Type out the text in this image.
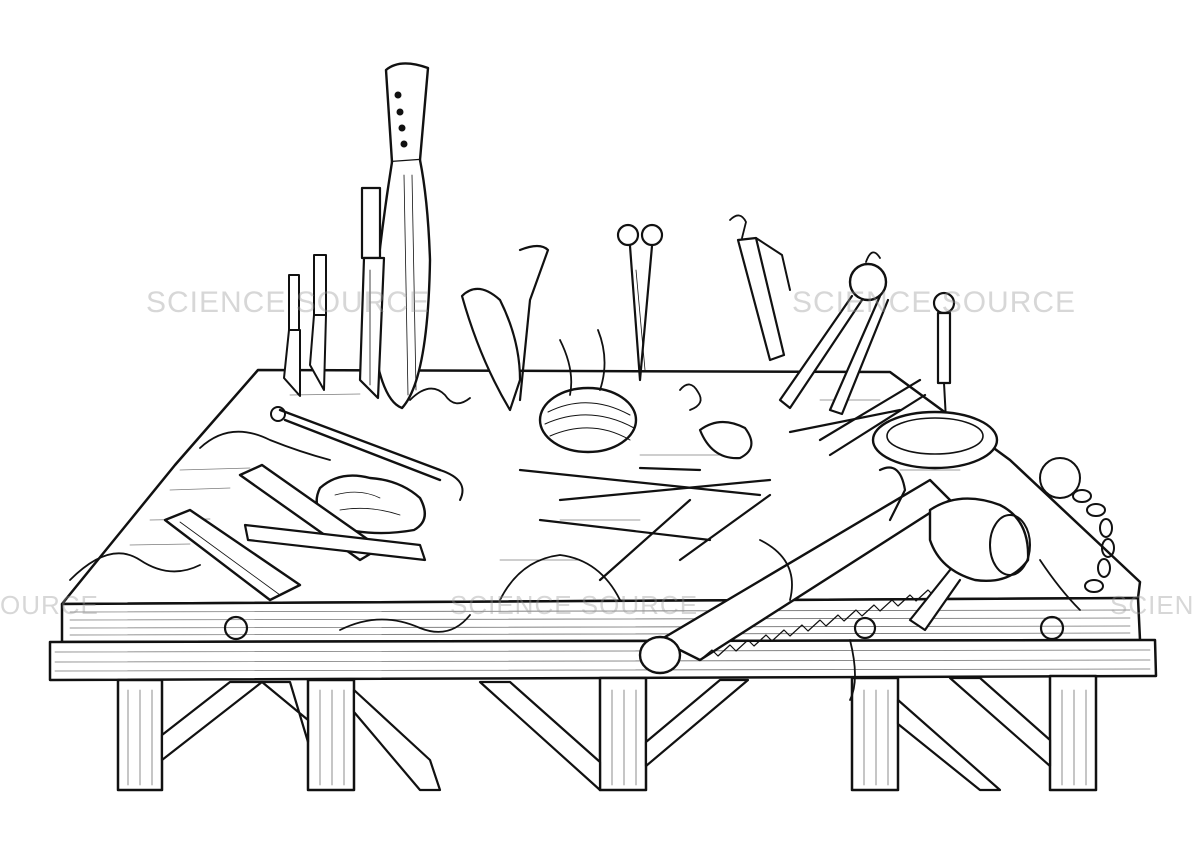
SCIENCE SOURCE	SCIENCE SOURCE
OURCE	SCIENCE SOURCE	SCIEN
